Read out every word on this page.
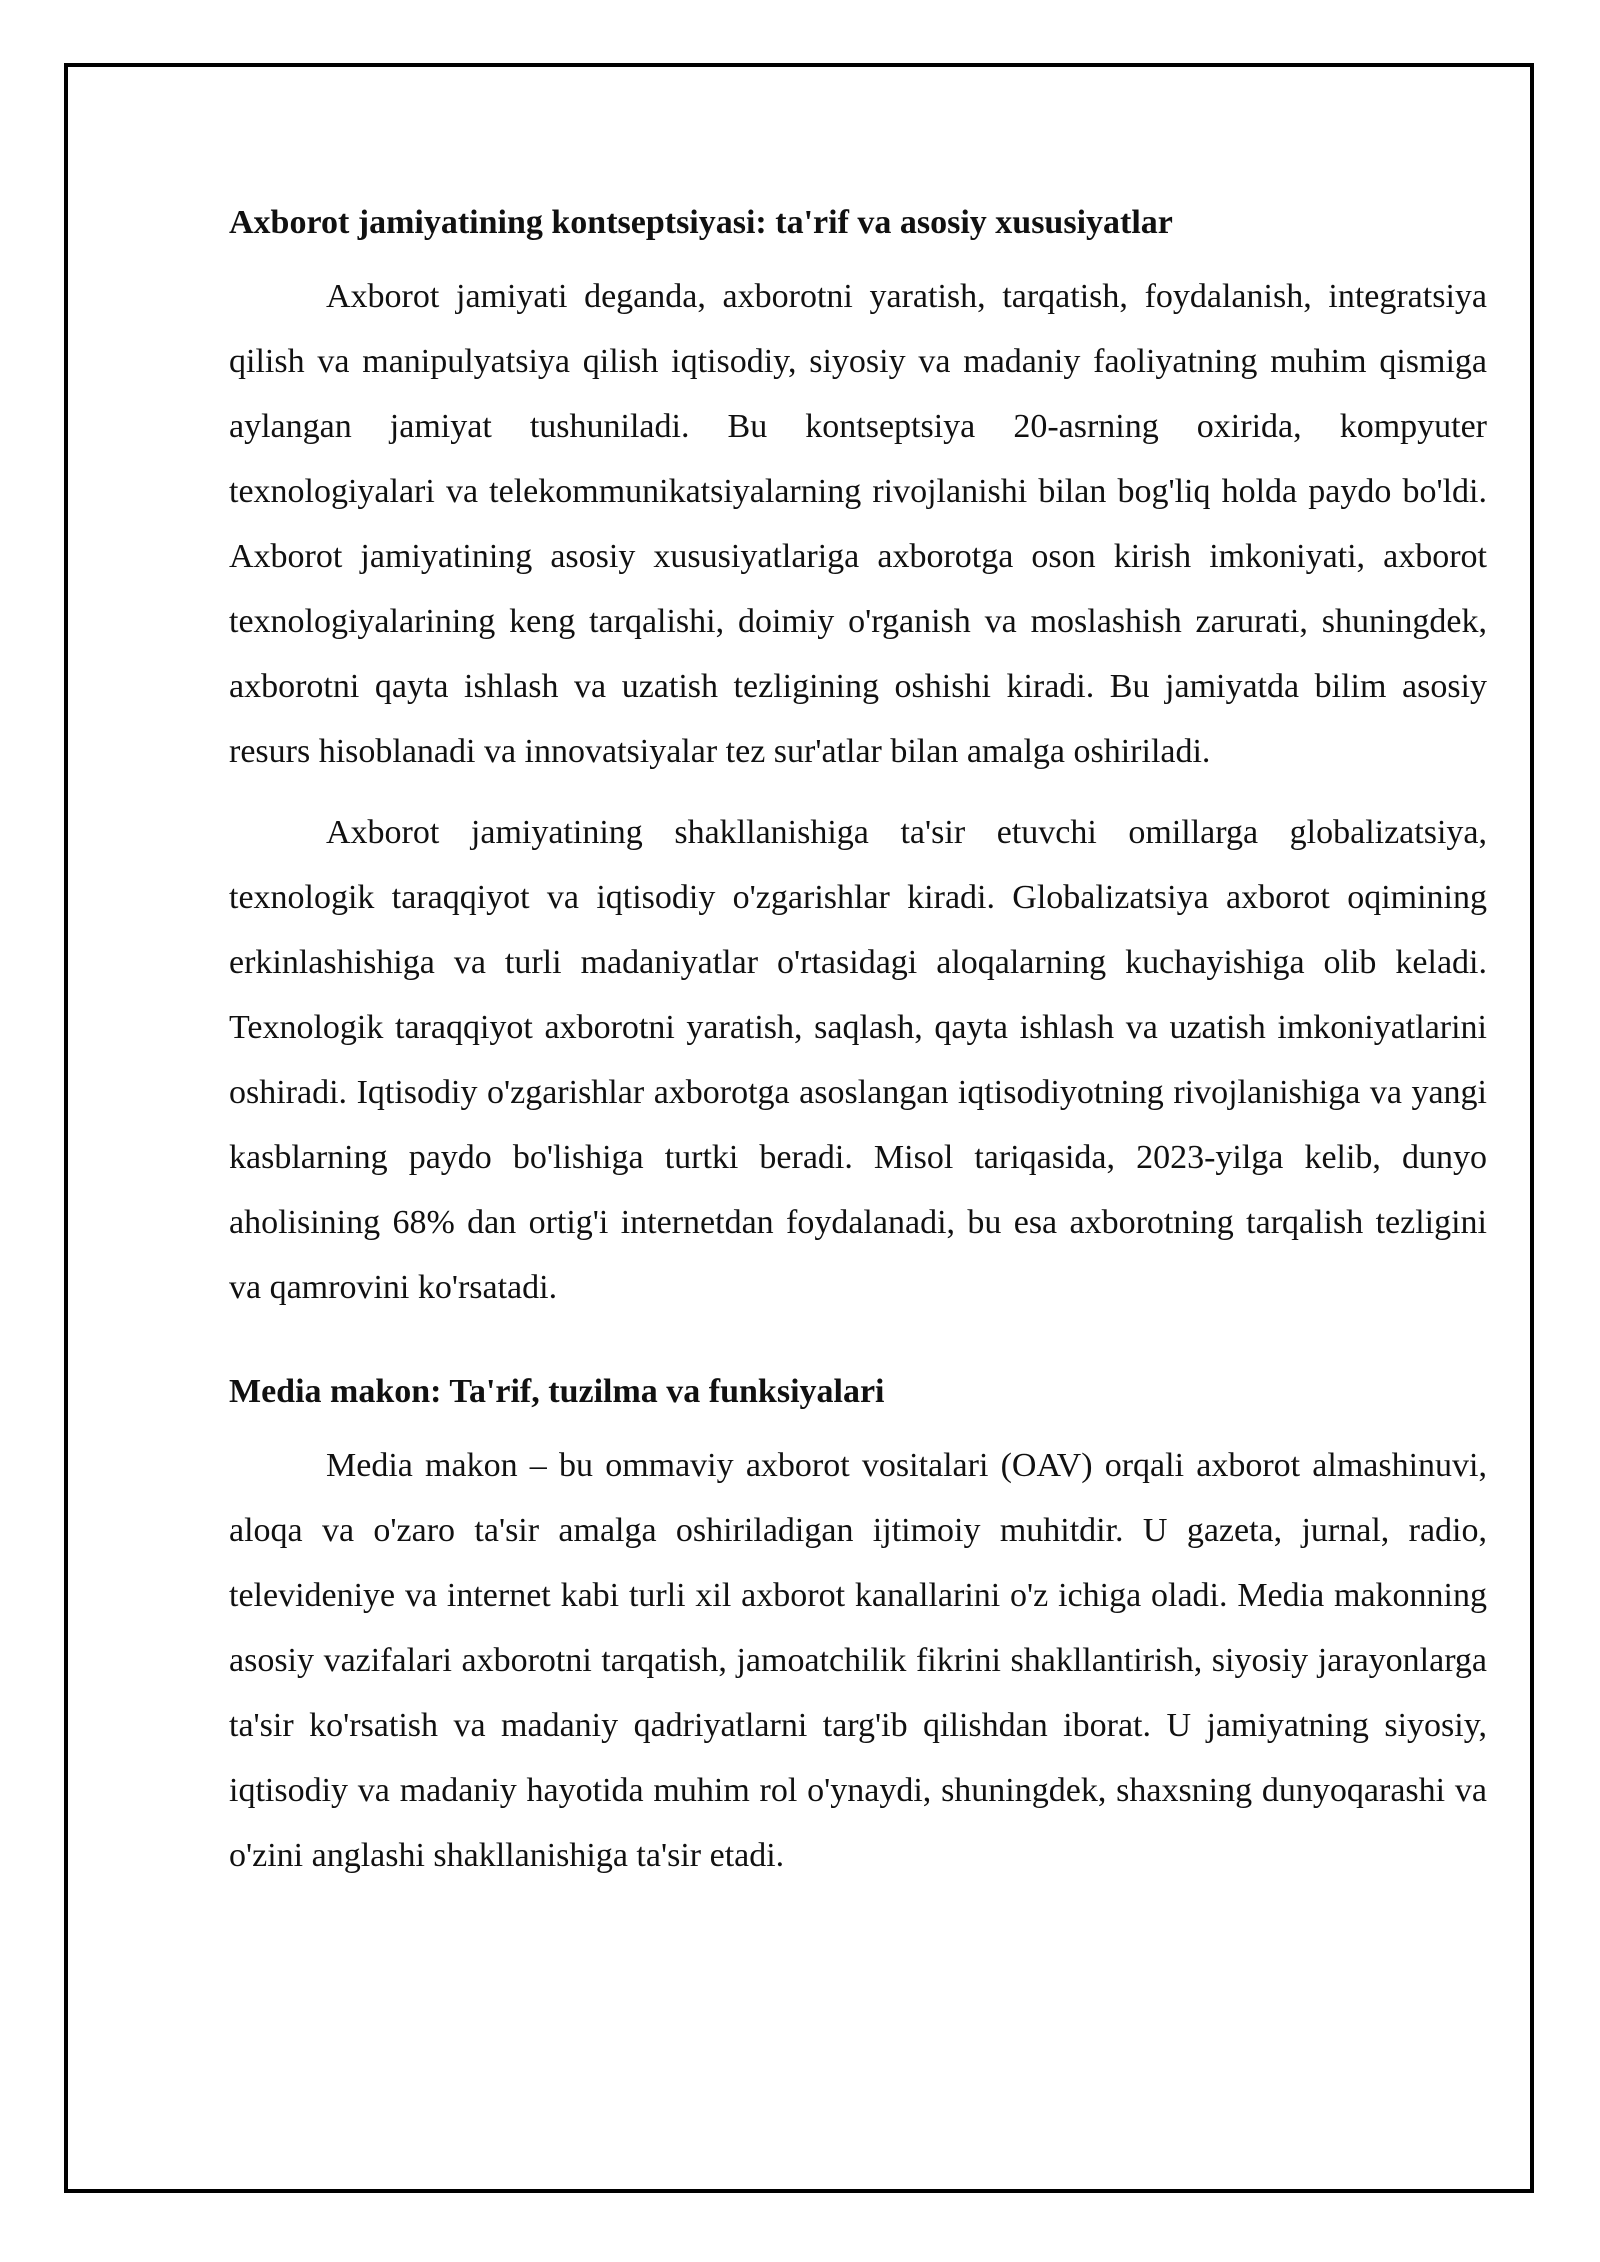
Axborot jamiyatining kontseptsiyasi: ta'rif va asosiy xususiyatlar

Axborot jamiyati deganda, axborotni yaratish, tarqatish, foydalanish, integratsiya qilish va manipulyatsiya qilish iqtisodiy, siyosiy va madaniy faoliyatning muhim qismiga aylangan jamiyat tushuniladi. Bu kontseptsiya 20-asrning oxirida, kompyuter texnologiyalari va telekommunikatsiyalarning rivojlanishi bilan bog'liq holda paydo bo'ldi. Axborot jamiyatining asosiy xususiyatlariga axborotga oson kirish imkoniyati, axborot texnologiyalarining keng tarqalishi, doimiy o'rganish va moslashish zarurati, shuningdek, axborotni qayta ishlash va uzatish tezligining oshishi kiradi. Bu jamiyatda bilim asosiy resurs hisoblanadi va innovatsiyalar tez sur'atlar bilan amalga oshiriladi.

Axborot jamiyatining shakllanishiga ta'sir etuvchi omillarga globalizatsiya, texnologik taraqqiyot va iqtisodiy o'zgarishlar kiradi. Globalizatsiya axborot oqimining erkinlashishiga va turli madaniyatlar o'rtasidagi aloqalarning kuchayishiga olib keladi. Texnologik taraqqiyot axborotni yaratish, saqlash, qayta ishlash va uzatish imkoniyatlarini oshiradi. Iqtisodiy o'zgarishlar axborotga asoslangan iqtisodiyotning rivojlanishiga va yangi kasblarning paydo bo'lishiga turtki beradi. Misol tariqasida, 2023-yilga kelib, dunyo aholisining 68% dan ortig'i internetdan foydalanadi, bu esa axborotning tarqalish tezligini va qamrovini ko'rsatadi.

Media makon: Ta'rif, tuzilma va funksiyalari

Media makon – bu ommaviy axborot vositalari (OAV) orqali axborot almashinuvi, aloqa va o'zaro ta'sir amalga oshiriladigan ijtimoiy muhitdir. U gazeta, jurnal, radio, televideniye va internet kabi turli xil axborot kanallarini o'z ichiga oladi. Media makonning asosiy vazifalari axborotni tarqatish, jamoatchilik fikrini shakllantirish, siyosiy jarayonlarga ta'sir ko'rsatish va madaniy qadriyatlarni targ'ib qilishdan iborat. U jamiyatning siyosiy, iqtisodiy va madaniy hayotida muhim rol o'ynaydi, shuningdek, shaxsning dunyoqarashi va o'zini anglashi shakllanishiga ta'sir etadi.
